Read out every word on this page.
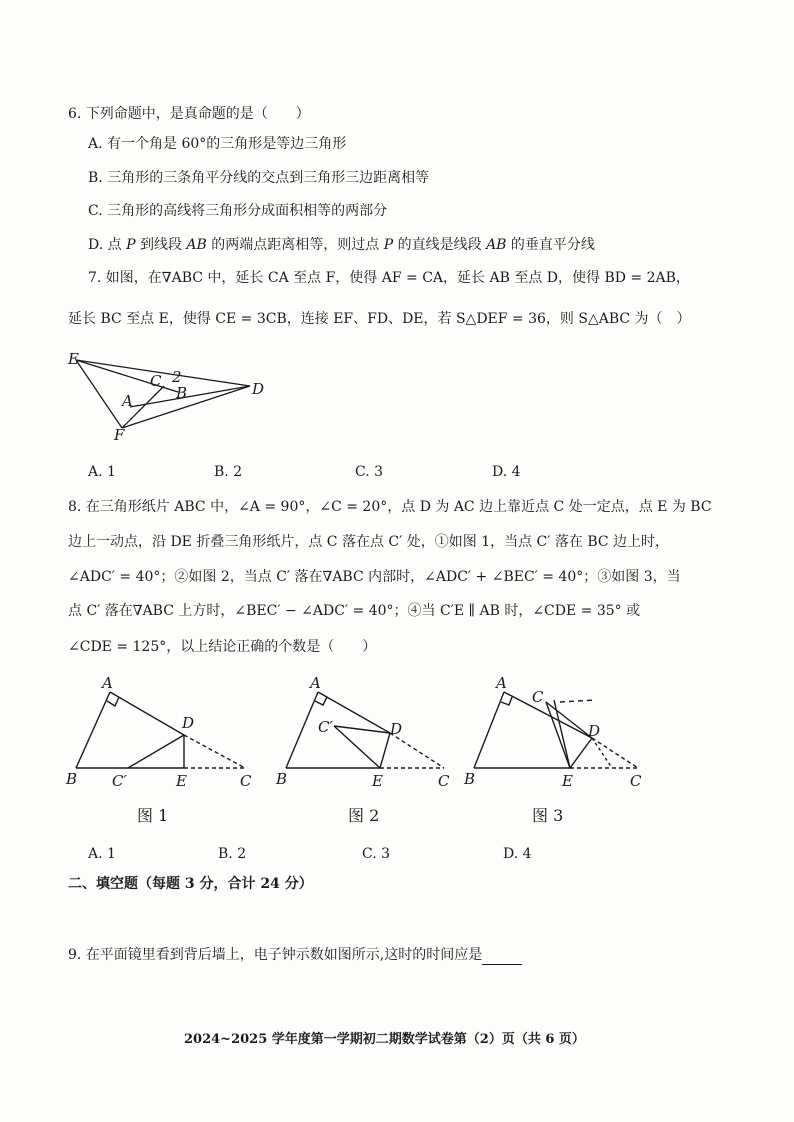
6. 下列命题中，是真命题的是（　　）
A. 有一个角是 60°的三角形是等边三角形
B. 三角形的三条角平分线的交点到三角形三边距离相等
C. 三角形的高线将三角形分成面积相等的两部分
D. 点 P 到线段 AB 的两端点距离相等，则过点 P 的直线是线段 AB 的垂直平分线
7. 如图，在∇ABC 中，延长 CA 至点 F，使得 AF = CA，延长 AB 至点 D，使得 BD = 2AB，
延长 BC 至点 E，使得 CE = 3CB，连接 EF、FD、DE，若 S△DEF = 36，则 S△ABC 为（　）
E
C 2
B	D
A
F
A. 1	B. 2	C. 3	D. 4
8. 在三角形纸片 ABC 中，∠A = 90°，∠C = 20°，点 D 为 AC 边上靠近点 C 处一定点，点 E 为 BC
边上一动点，沿 DE 折叠三角形纸片，点 C 落在点 C′ 处，①如图 1，当点 C′ 落在 BC 边上时，
∠ADC′ = 40°；②如图 2，当点 C′ 落在∇ABC 内部时，∠ADC′ + ∠BEC′ = 40°；③如图 3，当
点 C′ 落在∇ABC 上方时，∠BEC′ − ∠ADC′ = 40°；④当 C′E ∥ AB 时，∠CDE = 35° 或
∠CDE = 125°，以上结论正确的个数是（　　）
A
B C′	E	C
D
A
B
C′
E	C
D
A
B
C
E	C
D
图 1	图 2	图 3
A. 1	B. 2	C. 3	D. 4
二、填空题（每题 3 分，合计 24 分）
9. 在平面镜里看到背后墙上，电子钟示数如图所示,这时的时间应是
2024~2025 学年度第一学期初二期数学试卷第（2）页（共 6 页）
